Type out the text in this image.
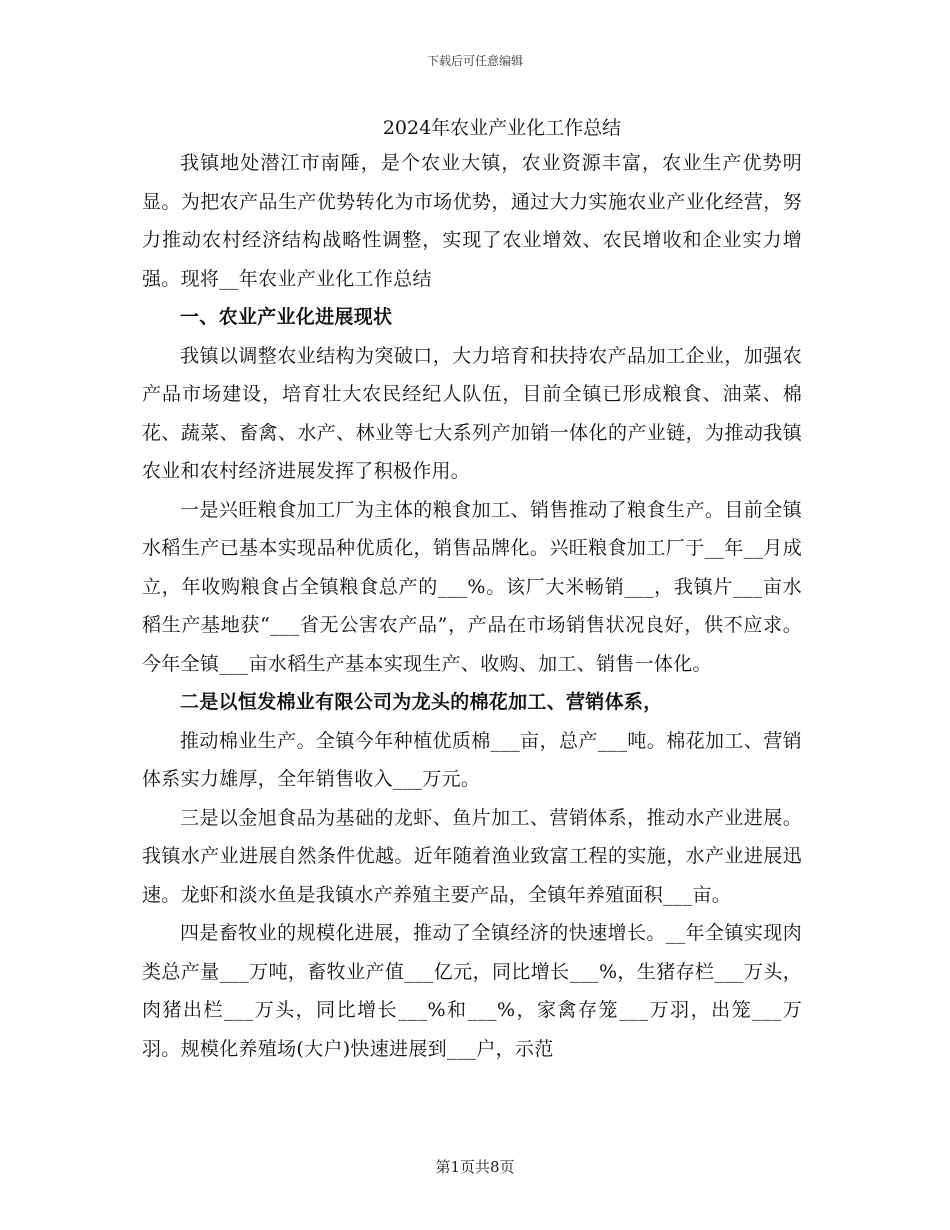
下载后可任意编辑
2024年农业产业化工作总结

我镇地处潜江市南陲，是个农业大镇，农业资源丰富，农业生产优势明显。为把农产品生产优势转化为市场优势，通过大力实施农业产业化经营，努力推动农村经济结构战略性调整，实现了农业增效、农民增收和企业实力增强。现将__年农业产业化工作总结

一、农业产业化进展现状

我镇以调整农业结构为突破口，大力培育和扶持农产品加工企业，加强农产品市场建设，培育壮大农民经纪人队伍，目前全镇已形成粮食、油菜、棉花、蔬菜、畜禽、水产、林业等七大系列产加销一体化的产业链，为推动我镇农业和农村经济进展发挥了积极作用。

一是兴旺粮食加工厂为主体的粮食加工、销售推动了粮食生产。目前全镇水稻生产已基本实现品种优质化，销售品牌化。兴旺粮食加工厂于__年__月成立，年收购粮食占全镇粮食总产的___%。该厂大米畅销___，我镇片___亩水稻生产基地获“___省无公害农产品”，产品在市场销售状况良好，供不应求。今年全镇___亩水稻生产基本实现生产、收购、加工、销售一体化。

二是以恒发棉业有限公司为龙头的棉花加工、营销体系，

推动棉业生产。全镇今年种植优质棉___亩，总产___吨。棉花加工、营销体系实力雄厚，全年销售收入___万元。

三是以金旭食品为基础的龙虾、鱼片加工、营销体系，推动水产业进展。我镇水产业进展自然条件优越。近年随着渔业致富工程的实施，水产业进展迅速。龙虾和淡水鱼是我镇水产养殖主要产品，全镇年养殖面积___亩。

四是畜牧业的规模化进展，推动了全镇经济的快速增长。__年全镇实现肉类总产量___万吨，畜牧业产值___亿元，同比增长___%，生猪存栏___万头，肉猪出栏___万头，同比增长___%和___%，家禽存笼___万羽，出笼___万羽。规模化养殖场(大户)快速进展到___户，示范

第1页共8页
